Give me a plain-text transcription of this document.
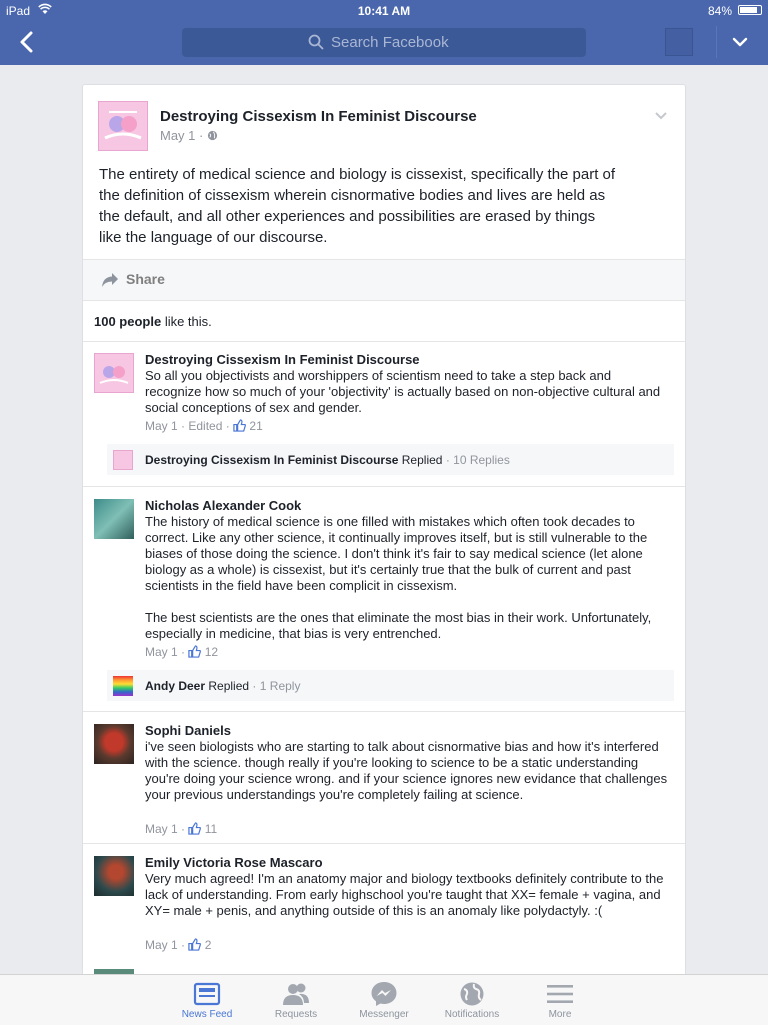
iPad	10:41 AM	84%
Search Facebook
Destroying Cissexism In Feminist Discourse
May 1 ·
The entirety of medical science and biology is cissexist, specifically the part of the definition of cissexism wherein cisnormative bodies and lives are held as the default, and all other experiences and possibilities are erased by things like the language of our discourse.
Share
100 people like this.
Destroying Cissexism In Feminist Discourse
So all you objectivists and worshippers of scientism need to take a step back and recognize how so much of your 'objectivity' is actually based on non-objective cultural and social conceptions of sex and gender.
May 1 · Edited ·  21
Destroying Cissexism In Feminist Discourse Replied · 10 Replies
Nicholas Alexander Cook
The history of medical science is one filled with mistakes which often took decades to correct. Like any other science, it continually improves itself, but is still vulnerable to the biases of those doing the science. I don't think it's fair to say medical science (let alone biology as a whole) is cissexist, but it's certainly true that the bulk of current and past scientists in the field have been complicit in cissexism.
The best scientists are the ones that eliminate the most bias in their work. Unfortunately, especially in medicine, that bias is very entrenched.
May 1 ·  12
Andy Deer Replied · 1 Reply
Sophi Daniels
i've seen biologists who are starting to talk about cisnormative bias and how it's interfered with the science. though really if you're looking to science to be a static understanding you're doing your science wrong. and if your science ignores new evidance that challenges your previous understandings you're completely failing at science.
May 1 ·  11
Emily Victoria Rose Mascaro
Very much agreed! I'm an anatomy major and biology textbooks definitely contribute to the lack of understanding. From early highschool you're taught that XX= female + vagina, and XY= male + penis, and anything outside of this is an anomaly like polydactyly. :(
May 1 ·  2
News Feed	Requests	Messenger	Notifications	More
